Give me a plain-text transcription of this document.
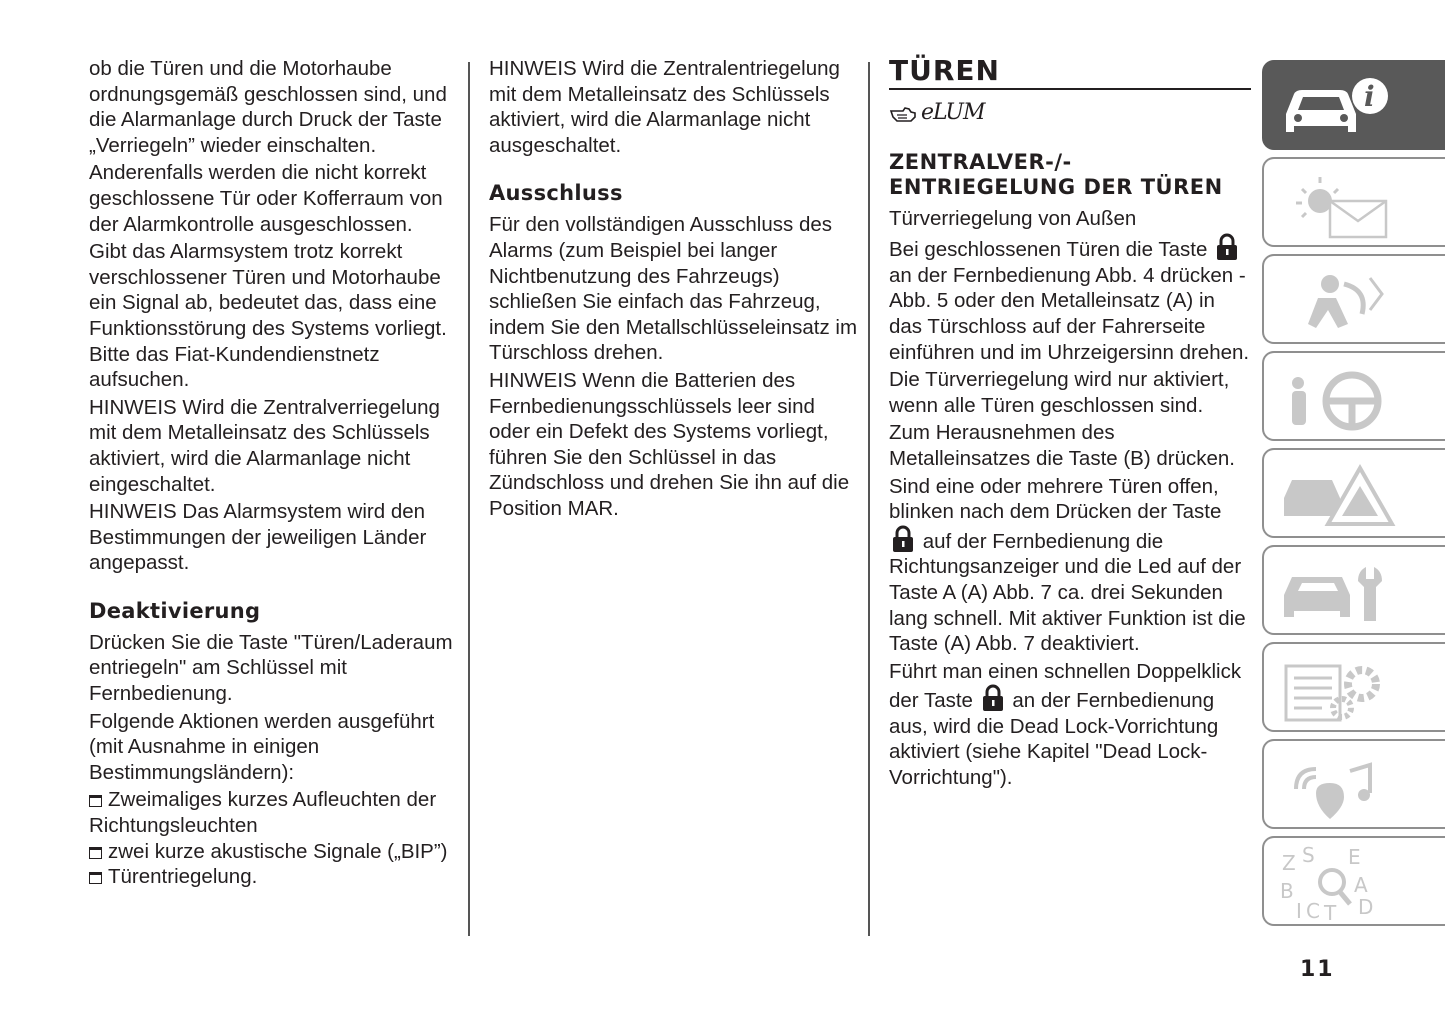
ob die Türen und die Motorhaube ordnungsgemäß geschlossen sind, und die Alarmanlage durch Druck der Taste „Verriegeln” wieder einschalten.

Anderenfalls werden die nicht korrekt geschlossene Tür oder Kofferraum von der Alarmkontrolle ausgeschlossen.

Gibt das Alarmsystem trotz korrekt verschlossener Türen und Motorhaube ein Signal ab, bedeutet das, dass eine Funktionsstörung des Systems vorliegt. Bitte das Fiat-Kundendienstnetz aufsuchen.

HINWEIS Wird die Zentralverriegelung mit dem Metalleinsatz des Schlüssels aktiviert, wird die Alarmanlage nicht eingeschaltet.

HINWEIS Das Alarmsystem wird den Bestimmungen der jeweiligen Länder angepasst.

Deaktivierung

Drücken Sie die Taste "Türen/Laderaum entriegeln" am Schlüssel mit Fernbedienung.

Folgende Aktionen werden ausgeführt (mit Ausnahme in einigen Bestimmungsländern):

Zweimaliges kurzes Aufleuchten der Richtungsleuchten
zwei kurze akustische Signale („BIP”)
Türentriegelung.

HINWEIS Wird die Zentralentriegelung mit dem Metalleinsatz des Schlüssels aktiviert, wird die Alarmanlage nicht ausgeschaltet.

Ausschluss

Für den vollständigen Ausschluss des Alarms (zum Beispiel bei langer Nichtbenutzung des Fahrzeugs) schließen Sie einfach das Fahrzeug, indem Sie den Metallschlüsseleinsatz im Türschloss drehen.

HINWEIS Wenn die Batterien des Fernbedienungsschlüssels leer sind oder ein Defekt des Systems vorliegt, führen Sie den Schlüssel in das Zündschloss und drehen Sie ihn auf die Position MAR.

TÜREN
eLUM
ZENTRALVER-/-ENTRIEGELUNG DER TÜREN
Türverriegelung von Außen

Bei geschlossenen Türen die Taste  an der Fernbedienung Abb. 4 drücken - Abb. 5 oder den Metalleinsatz (A) in das Türschloss auf der Fahrerseite einführen und im Uhrzeigersinn drehen.

Die Türverriegelung wird nur aktiviert, wenn alle Türen geschlossen sind.

Zum Herausnehmen des Metalleinsatzes die Taste (B) drücken.

Sind eine oder mehrere Türen offen, blinken nach dem Drücken der Taste  auf der Fernbedienung die Richtungsanzeiger und die Led auf der Taste A (A) Abb. 7 ca. drei Sekunden lang schnell. Mit aktiver Funktion ist die Taste (A) Abb. 7 deaktiviert.

Führt man einen schnellen Doppelklick der Taste an der Fernbedienung aus, wird die Dead Lock-Vorrichtung aktiviert (siehe Kapitel "Dead Lock-Vorrichtung").

i
Z S E
B	A
I C T D
11
